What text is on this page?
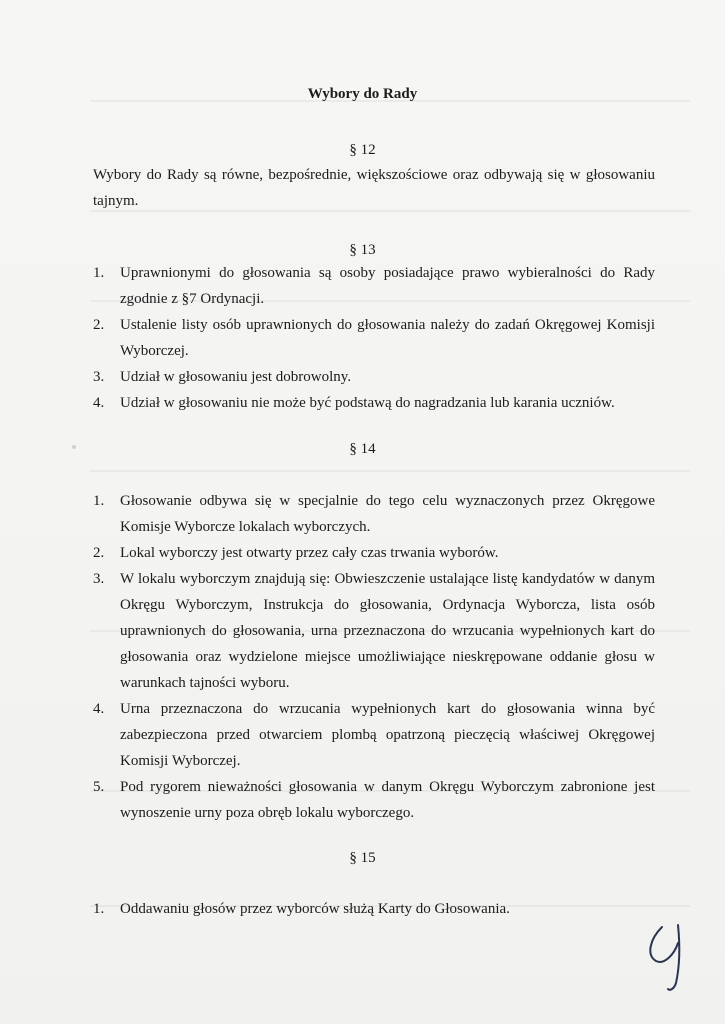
Wybory do Rady
§ 12
Wybory do Rady są równe, bezpośrednie, większościowe oraz odbywają się w głosowaniu tajnym.
§ 13
1. Uprawnionymi do głosowania są osoby posiadające prawo wybieralności do Rady zgodnie z §7 Ordynacji.
2. Ustalenie listy osób uprawnionych do głosowania należy do zadań Okręgowej Komisji Wyborczej.
3. Udział w głosowaniu jest dobrowolny.
4. Udział w głosowaniu nie może być podstawą do nagradzania lub karania uczniów.
§ 14
1. Głosowanie odbywa się w specjalnie do tego celu wyznaczonych przez Okręgowe Komisje Wyborcze lokalach wyborczych.
2. Lokal wyborczy jest otwarty przez cały czas trwania wyborów.
3. W lokalu wyborczym znajdują się: Obwieszczenie ustalające listę kandydatów w danym Okręgu Wyborczym, Instrukcja do głosowania, Ordynacja Wyborcza, lista osób uprawnionych do głosowania, urna przeznaczona do wrzucania wypełnionych kart do głosowania oraz wydzielone miejsce umożliwiające nieskrępowane oddanie głosu w warunkach tajności wyboru.
4. Urna przeznaczona do wrzucania wypełnionych kart do głosowania winna być zabezpieczona przed otwarciem plombą opatrzoną pieczęcią właściwej Okręgowej Komisji Wyborczej.
5. Pod rygorem nieważności głosowania w danym Okręgu Wyborczym zabronione jest wynoszenie urny poza obręb lokalu wyborczego.
§ 15
1. Oddawaniu głosów przez wyborców służą Karty do Głosowania.
